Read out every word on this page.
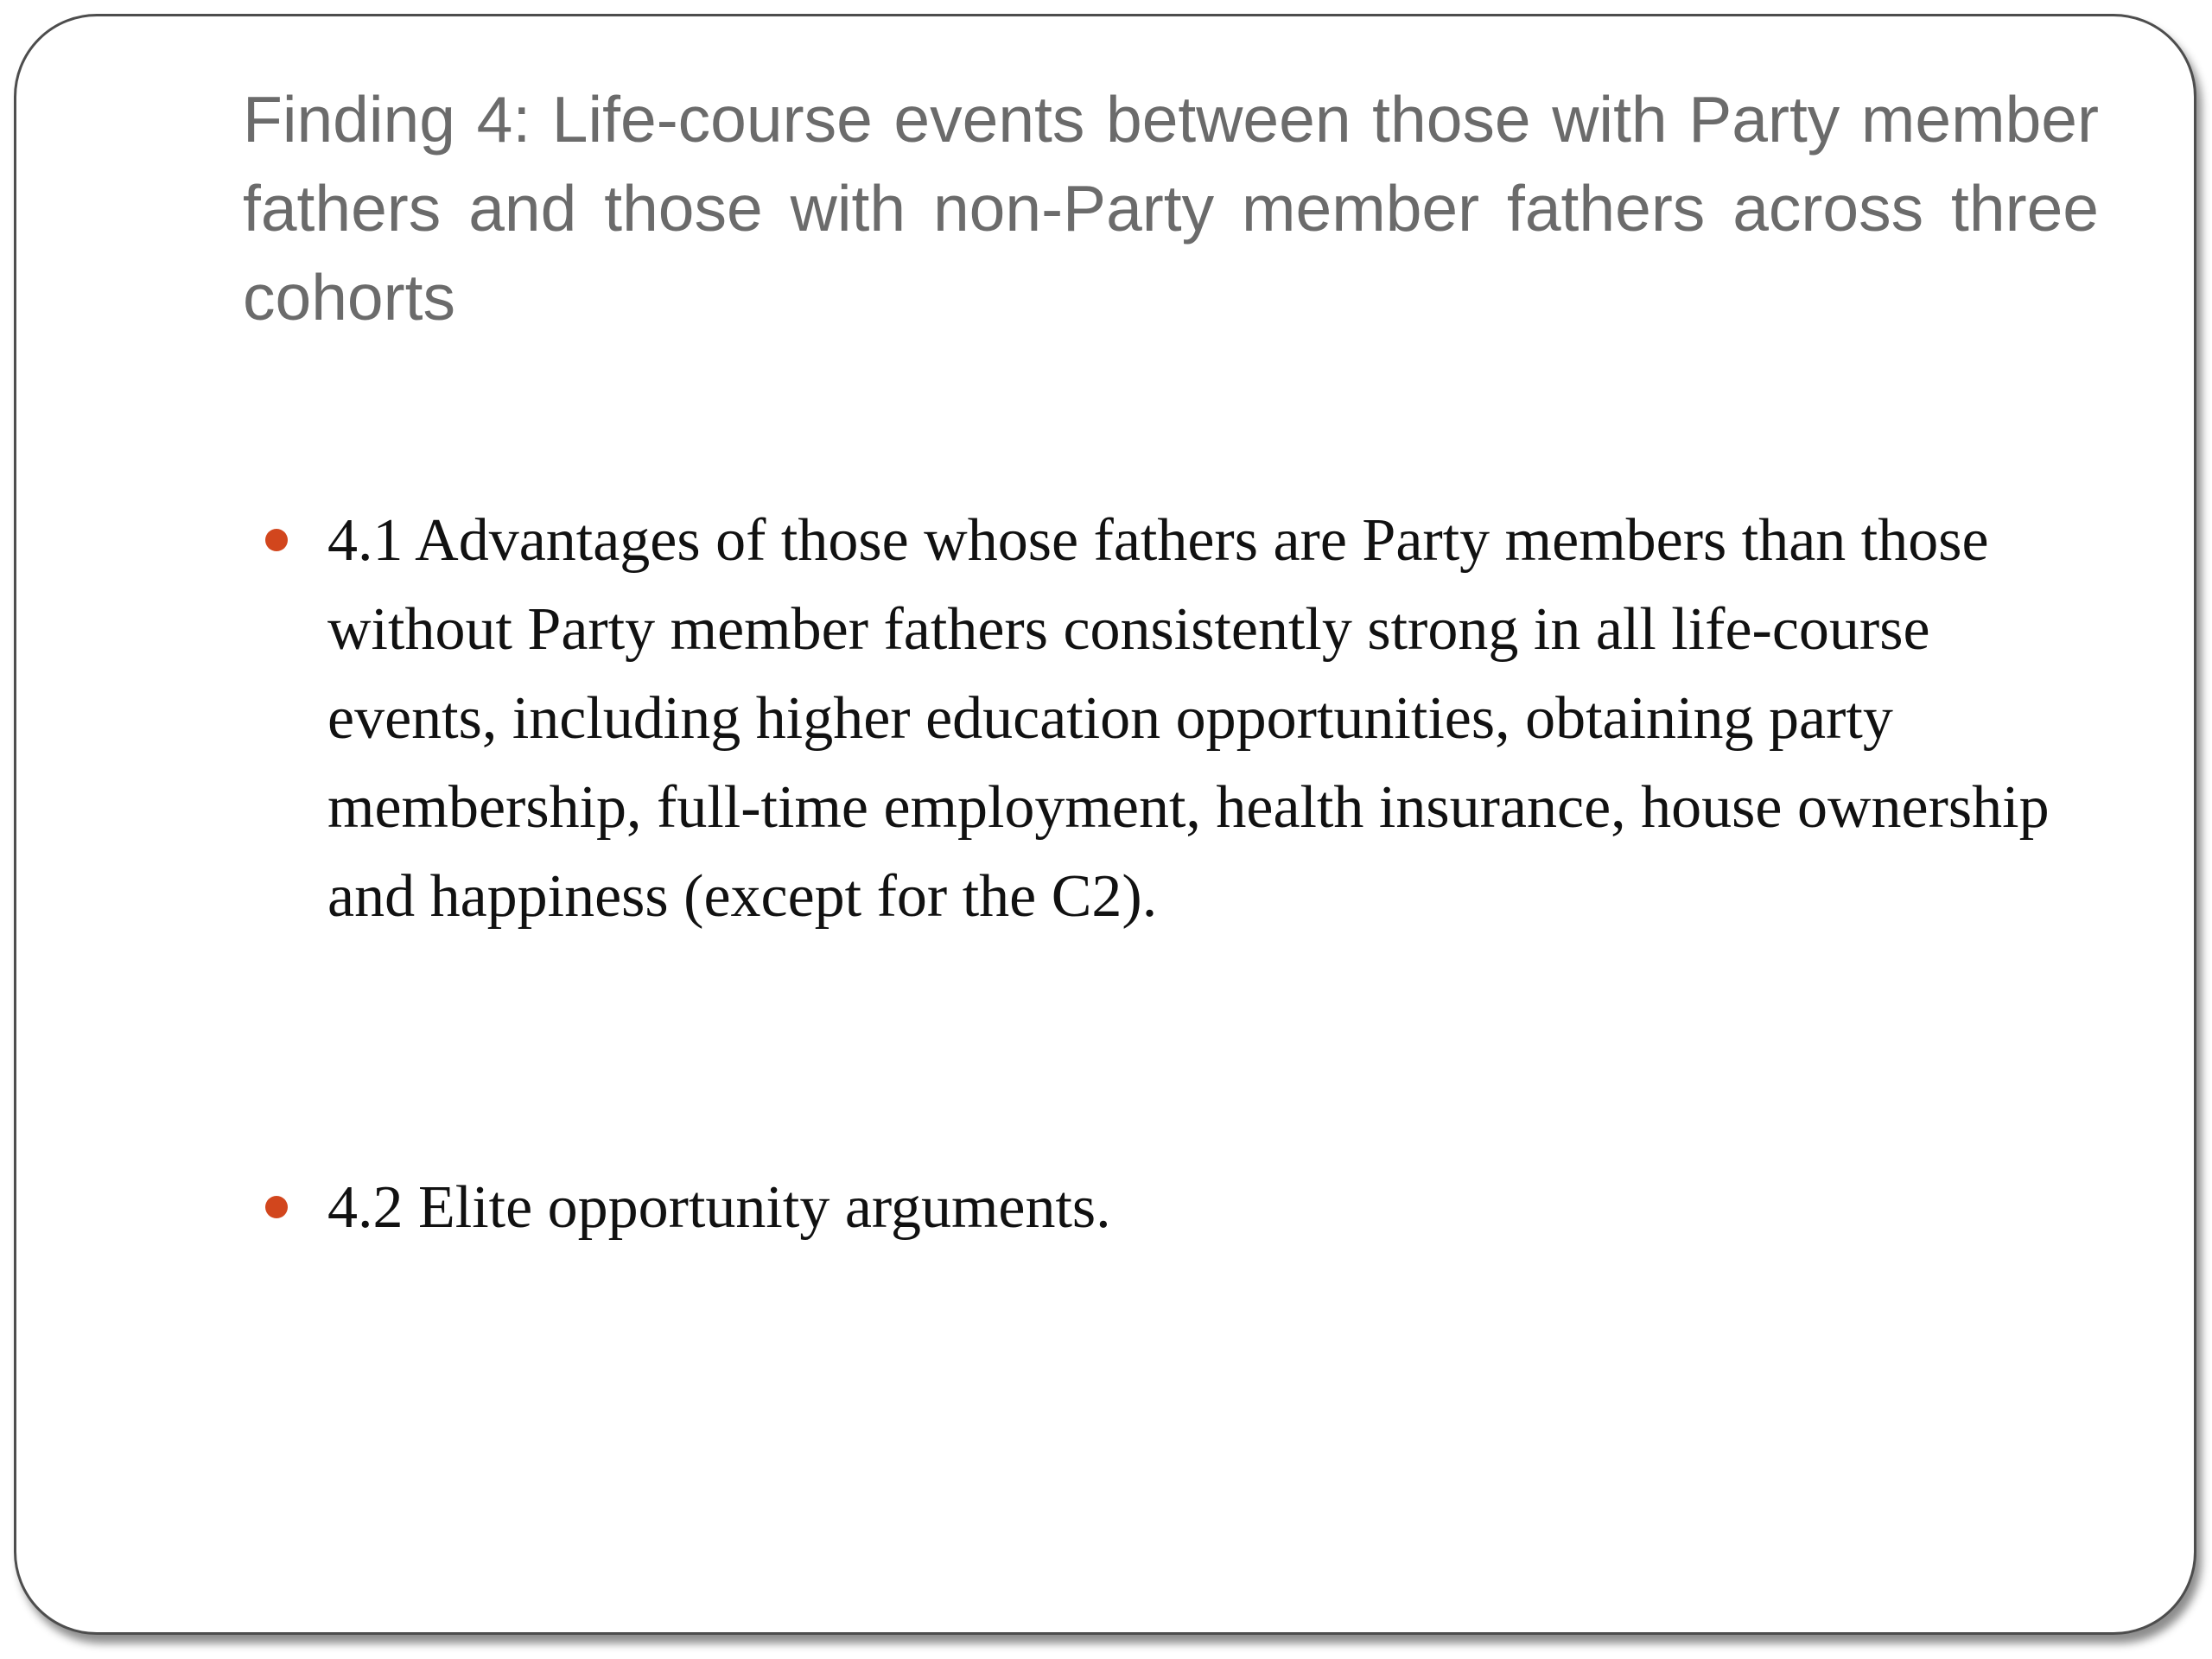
Finding 4: Life-course events between those with Party member fathers and those with non-Party member fathers across three cohorts
4.1 Advantages of those whose fathers are Party members than those without Party member fathers consistently strong in all life-course events, including higher education opportunities, obtaining party membership, full-time employment, health insurance, house ownership and happiness (except for the C2).
4.2 Elite opportunity arguments.
